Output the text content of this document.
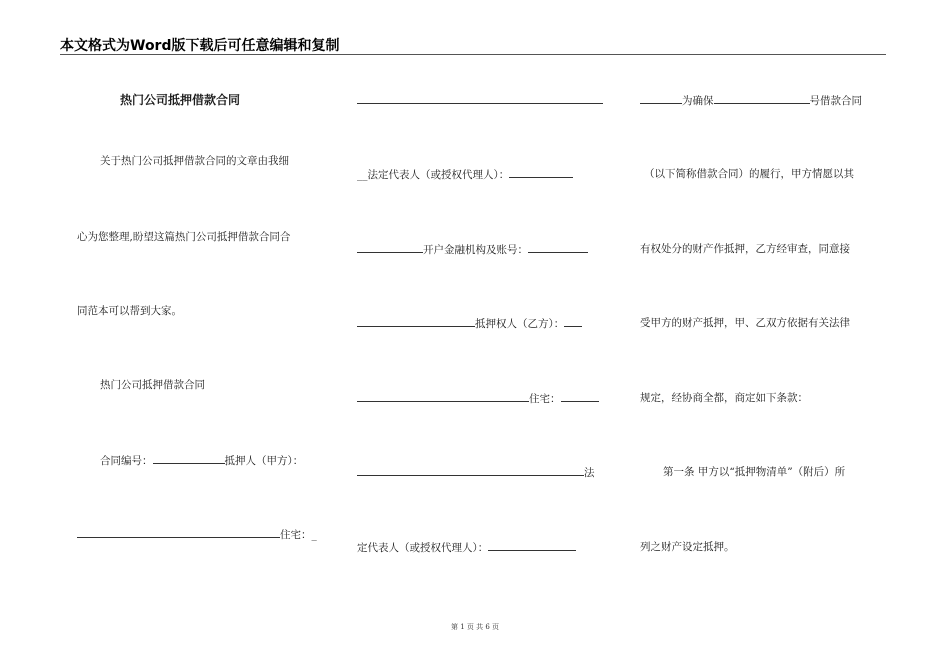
本文格式为Word版下载后可任意编辑和复制
热门公司抵押借款合同
关于热门公司抵押借款合同的文章由我细
心为您整理,盼望这篇热门公司抵押借款合同合
同范本可以帮到大家。
热门公司抵押借款合同
合同编号：	抵押人（甲方）：
住宅：_
__法定代表人（或授权代理人）：
开户金融机构及账号：
抵押权人（乙方）：
住宅：
法
定代表人（或授权代理人）：
为确保	号借款合同
（以下简称借款合同）的履行，甲方情愿以其
有权处分的财产作抵押，乙方经审查，同意接
受甲方的财产抵押，甲、乙双方依据有关法律
规定，经协商全都，商定如下条款：
第一条 甲方以“抵押物清单”（附后）所
列之财产设定抵押。
第 1 页 共 6 页
